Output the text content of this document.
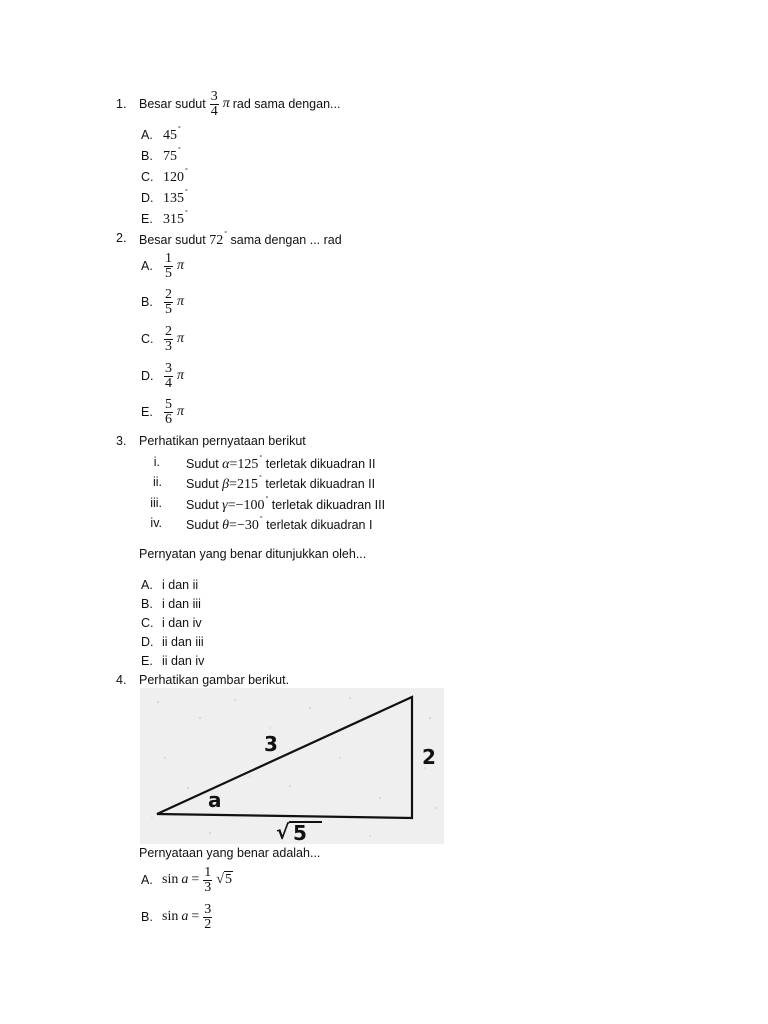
1. Besar sudut $\frac{3}{4}$ π rad sama dengan...
A. 45°
B. 75°
C. 120°
D. 135°
E. 315°
2. Besar sudut 72° sama dengan ... rad
A. $\frac{1}{5}$ π
B. $\frac{2}{5}$ π
C. $\frac{2}{3}$ π
D. $\frac{3}{4}$ π
E. $\frac{5}{6}$ π
3. Perhatikan pernyataan berikut
i. Sudut α=125° terletak dikuadran II
ii. Sudut β=215° terletak dikuadran II
iii. Sudut γ=−100° terletak dikuadran III
iv. Sudut θ=−30° terletak dikuadran I
Pernyatan yang benar ditunjukkan oleh...
A. i dan ii
B. i dan iii
C. i dan iv
D. ii dan iii
E. ii dan iv
4. Perhatikan gambar berikut.
3
2
a
√ 5
Pernyataan yang benar adalah...
A. $\sin a = \frac{1}{3} √5$
B. $\sin a = \frac{3}{2}$
